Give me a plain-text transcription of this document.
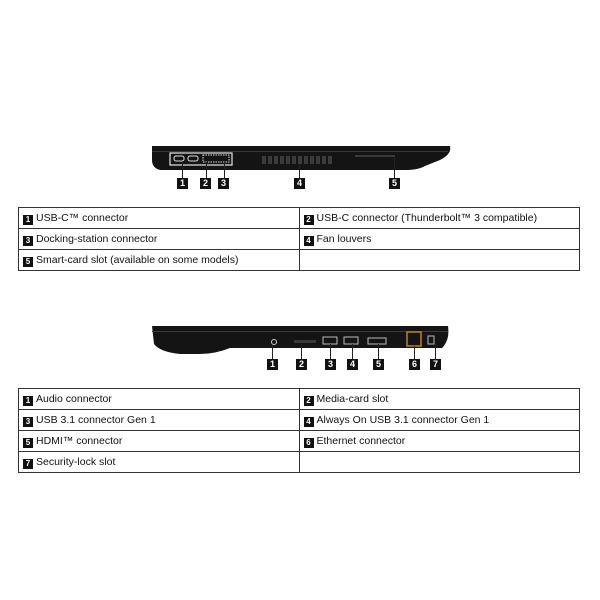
1	2	3	4	5
1 USB-C™ connector	2 USB-C connector (Thunderbolt™ 3 compatible)
3 Docking-station connector	4 Fan louvers
5 Smart-card slot (available on some models)	
1	2	3	4	5	6	7
1 Audio connector	2 Media-card slot
3 USB 3.1 connector Gen 1	4 Always On USB 3.1 connector Gen 1
5 HDMI™ connector	6 Ethernet connector
7 Security-lock slot	
